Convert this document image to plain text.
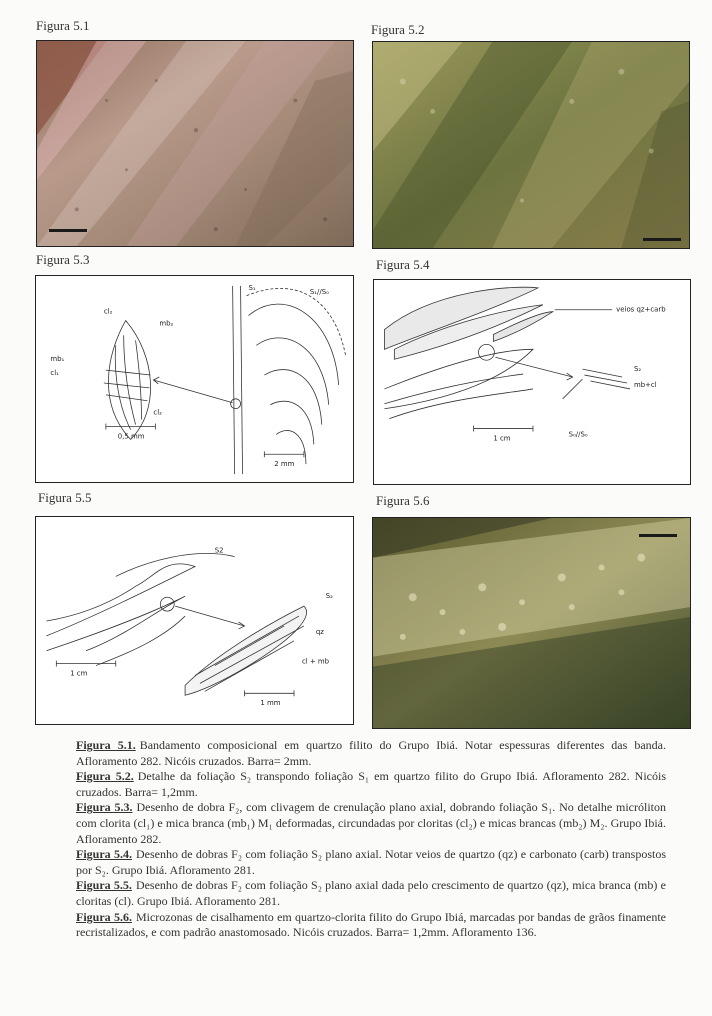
Figura 5.1	Figura 5.2
Figura 5.3	Figura 5.4
Figura 5.5	Figura 5.6
cl₂
mb₂
mb₁
cl₁
cl₂
S₁	S₁//S₀
0,5 mm
2 mm
veios qz+carb
S₂
mb+cl
S₀//S₀
1 cm
S2
S₂
qz
cl + mb
1 cm
1 mm

Figura 5.1. Bandamento composicional em quartzo filito do Grupo Ibiá. Notar espessuras diferentes das banda. Afloramento 282. Nicóis cruzados. Barra= 2mm.

Figura 5.2. Detalhe da foliação S₂ transpondo foliação S₁ em quartzo filito do Grupo Ibiá. Afloramento 282. Nicóis cruzados. Barra= 1,2mm.

Figura 5.3. Desenho de dobra F₂, com clivagem de crenulação plano axial, dobrando foliação S₁. No detalhe micróliton com clorita (cl₁) e mica branca (mb₁) M₁ deformadas, circundadas por cloritas (cl₂) e micas brancas (mb₂) M₂. Grupo Ibiá. Afloramento 282.

Figura 5.4. Desenho de dobras F₂ com foliação S₂ plano axial. Notar veios de quartzo (qz) e carbonato (carb) transpostos por S₂. Grupo Ibiá. Afloramento 281.

Figura 5.5. Desenho de dobras F₂ com foliação S₂ plano axial dada pelo crescimento de quartzo (qz), mica branca (mb) e cloritas (cl). Grupo Ibiá. Afloramento 281.

Figura 5.6. Microzonas de cisalhamento em quartzo-clorita filito do Grupo Ibiá, marcadas por bandas de grãos finamente recristalizados, e com padrão anastomosado. Nicóis cruzados. Barra= 1,2mm. Afloramento 136.
